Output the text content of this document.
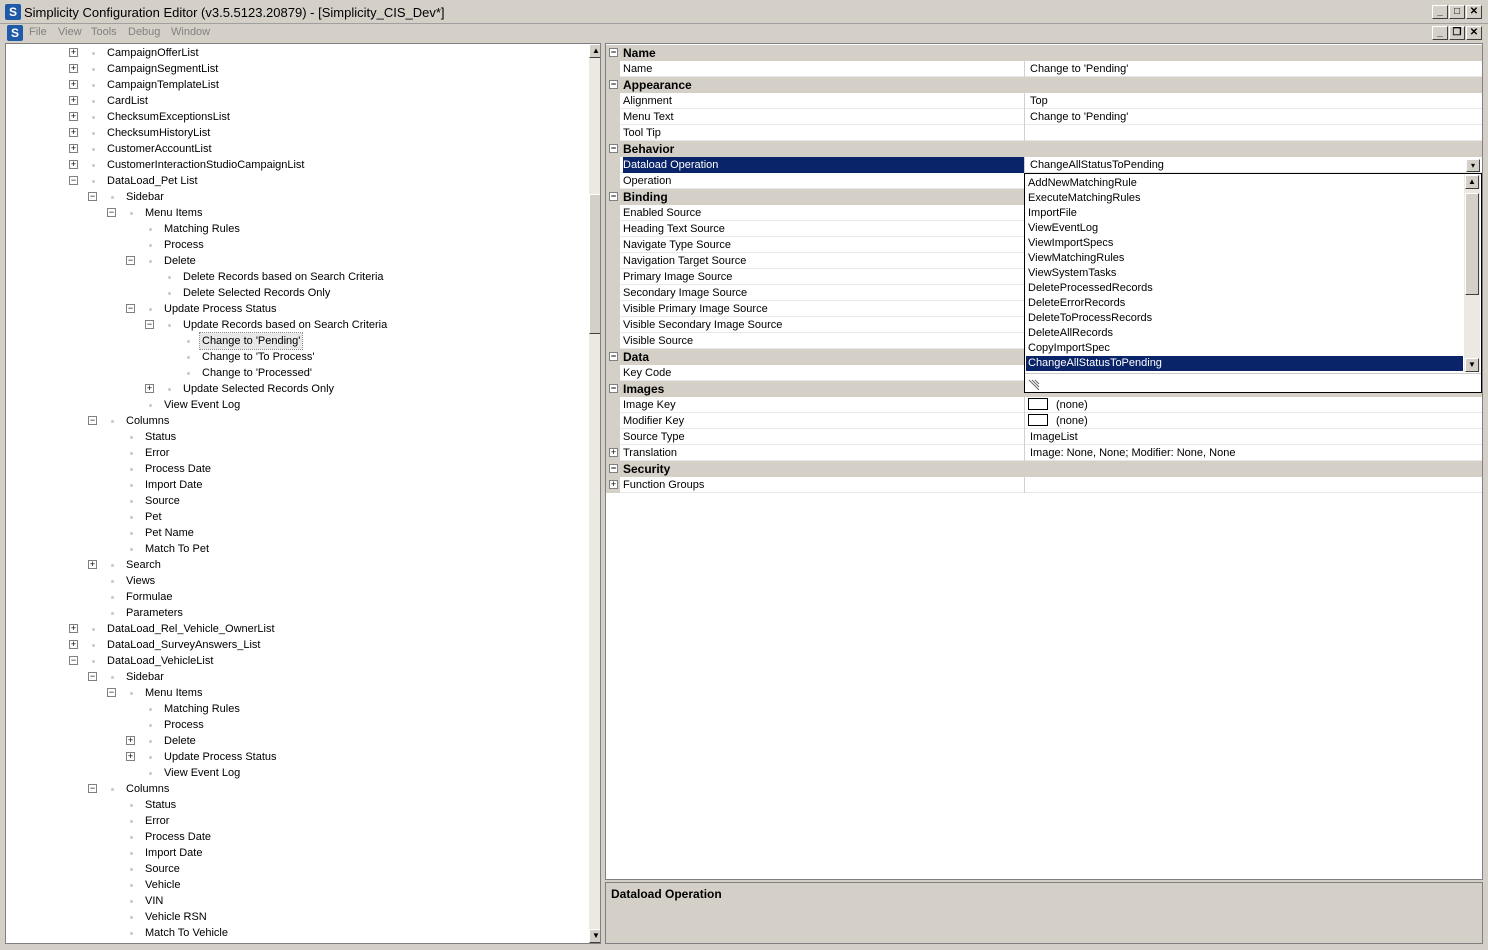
S Simplicity Configuration Editor (v3.5.5123.20879) - [Simplicity_CIS_Dev*]	_	□ ✕
S File View Tools Debug Window	_ ❐ ✕
+	CampaignOfferList
+	CampaignSegmentList
+	CampaignTemplateList
+	CardList
+	ChecksumExceptionsList
+	ChecksumHistoryList
+	CustomerAccountList
+	CustomerInteractionStudioCampaignList
−	DataLoad_Pet List
−	Sidebar
−	Menu Items
Matching Rules
Process
−	Delete
Delete Records based on Search Criteria
Delete Selected Records Only
−	Update Process Status
−	Update Records based on Search Criteria
Change to 'Pending'
Change to 'To Process'
Change to 'Processed'
+	Update Selected Records Only
View Event Log
−	Columns
Status
Error
Process Date
Import Date
Source
Pet
Pet Name
Match To Pet
+	Search
Views
Formulae
Parameters
+	DataLoad_Rel_Vehicle_OwnerList
+	DataLoad_SurveyAnswers_List
−	DataLoad_VehicleList
−	Sidebar
−	Menu Items
Matching Rules
Process
+	Delete
+	Update Process Status
View Event Log
−	Columns
Status
Error
Process Date
Import Date
Source
Vehicle
VIN
Vehicle RSN
Match To Vehicle
▲
▼
− Name
Name	Change to 'Pending'
− Appearance
Alignment	Top
Menu Text	Change to 'Pending'
Tool Tip
− Behavior
Dataload Operation	ChangeAllStatusToPending
Operation
− Binding
Enabled Source
Heading Text Source
Navigate Type Source
Navigation Target Source
Primary Image Source
Secondary Image Source
Visible Primary Image Source
Visible Secondary Image Source
Visible Source
− Data
Key Code
− Images
Image Key	(none)
Modifier Key	(none)
Source Type	ImageList
+ Translation	Image: None, None; Modifier: None, None
− Security
+ Function Groups
AddNewMatchingRule
ExecuteMatchingRules
ImportFile
ViewEventLog
ViewImportSpecs
ViewMatchingRules
ViewSystemTasks
DeleteProcessedRecords
DeleteErrorRecords
DeleteToProcessRecords
DeleteAllRecords
CopyImportSpec
ChangeAllStatusToPending
▲
▼
▾
Dataload Operation
